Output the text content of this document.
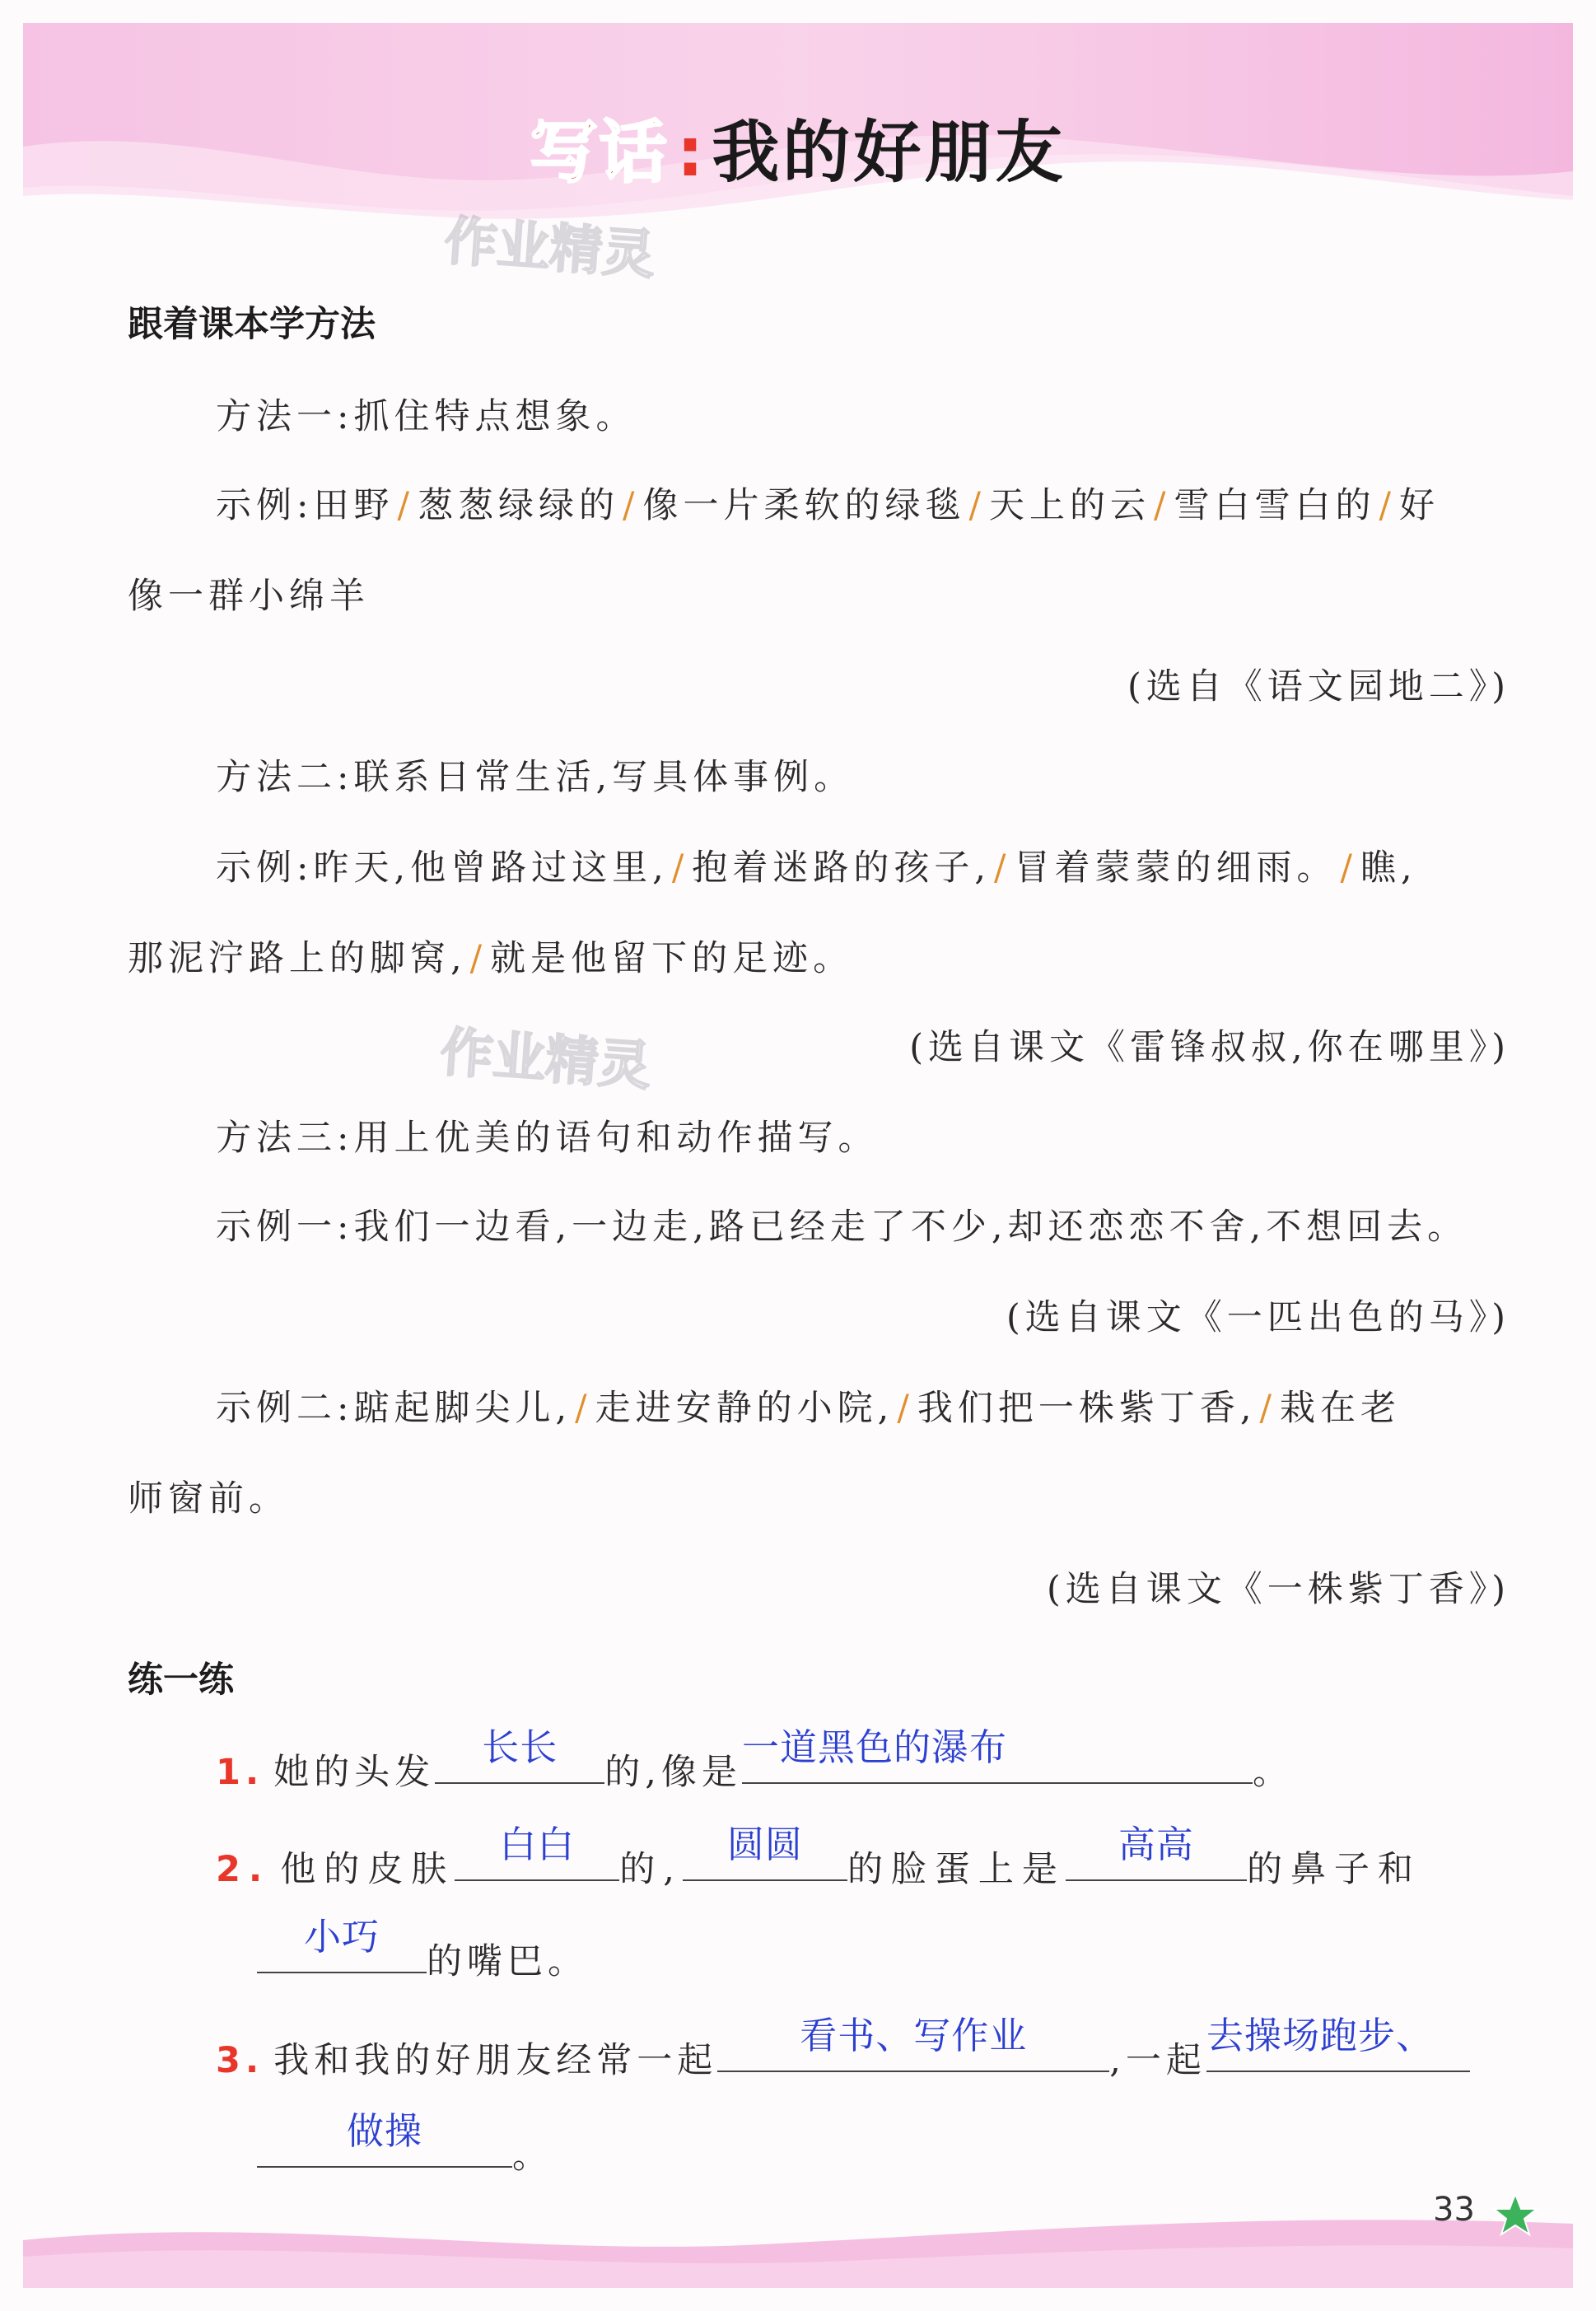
写话 : 我的好朋友
作业精灵
作业精灵
跟着课本学方法
方法一:抓住特点想象。
示例:田野/葱葱绿绿的/像一片柔软的绿毯/天上的云/雪白雪白的/好
像一群小绵羊
(选自《语文园地二》)
方法二:联系日常生活,写具体事例。
示例:昨天,他曾路过这里,/抱着迷路的孩子,/冒着蒙蒙的细雨。/瞧,
那泥泞路上的脚窝,/就是他留下的足迹。
(选自课文《雷锋叔叔,你在哪里》)
方法三:用上优美的语句和动作描写。
示例一:我们一边看,一边走,路已经走了不少,却还恋恋不舍,不想回去。
(选自课文《一匹出色的马》)
示例二:踮起脚尖儿,/走进安静的小院,/我们把一株紫丁香,/栽在老
师窗前。
(选自课文《一株紫丁香》)
练一练
1. 她的头发
长长
的,像是
一道黑色的瀑布
。
2. 他的皮肤
白白
的,
圆圆
的脸蛋上是
高高
的鼻子和
小巧
的嘴巴。
3. 我和我的好朋友经常一起
看书、写作业
,一起
去操场跑步、
做操
。
33
